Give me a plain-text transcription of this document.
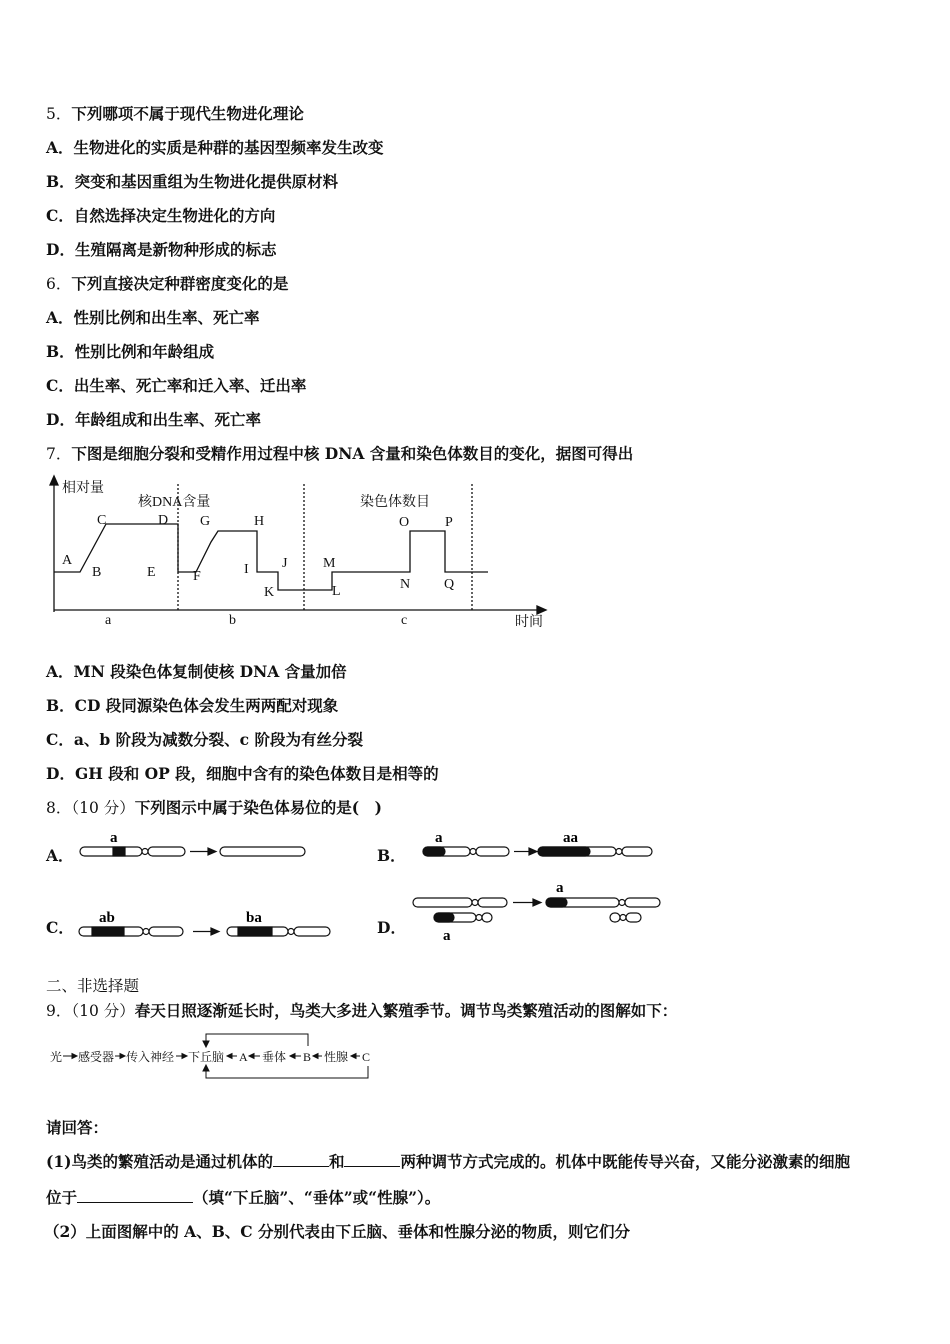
5．下列哪项不属于现代生物进化理论
A．生物进化的实质是种群的基因型频率发生改变
B．突变和基因重组为生物进化提供原材料
C．自然选择决定生物进化的方向
D．生殖隔离是新物种形成的标志
6．下列直接决定种群密度变化的是
A．性别比例和出生率、死亡率
B．性别比例和年龄组成
C．出生率、死亡率和迁入率、迁出率
D．年龄组成和出生率、死亡率
7．下图是细胞分裂和受精作用过程中核 DNA 含量和染色体数目的变化，据图可得出
相对量
核DNA含量	染色体数目
时间
A
B
C	D
E	F
G	H
I J
K
M
L
O	P
N Q
a	b	c
A．MN 段染色体复制使核 DNA 含量加倍
B．CD 段同源染色体会发生两两配对现象
C．a、b 阶段为减数分裂、c 阶段为有丝分裂
D．GH 段和 OP 段，细胞中含有的染色体数目是相等的
8．（10 分）下列图示中属于染色体易位的是(　)
A．
a
B．
a	aa
C． ab	ba	D．
a
a
二、非选择题
9．（10 分）春天日照逐渐延长时，鸟类大多进入繁殖季节。调节鸟类繁殖活动的图解如下：
光 感受器 传入神经 下丘脑 A 垂体 B 性腺 C
请回答：
(1)鸟类的繁殖活动是通过机体的	和	两种调节方式完成的。机体中既能传导兴奋，又能分泌激素的细胞
位于	（填“下丘脑”、“垂体”或“性腺”）。
（2）上面图解中的 A、B、C 分别代表由下丘脑、垂体和性腺分泌的物质，则它们分
